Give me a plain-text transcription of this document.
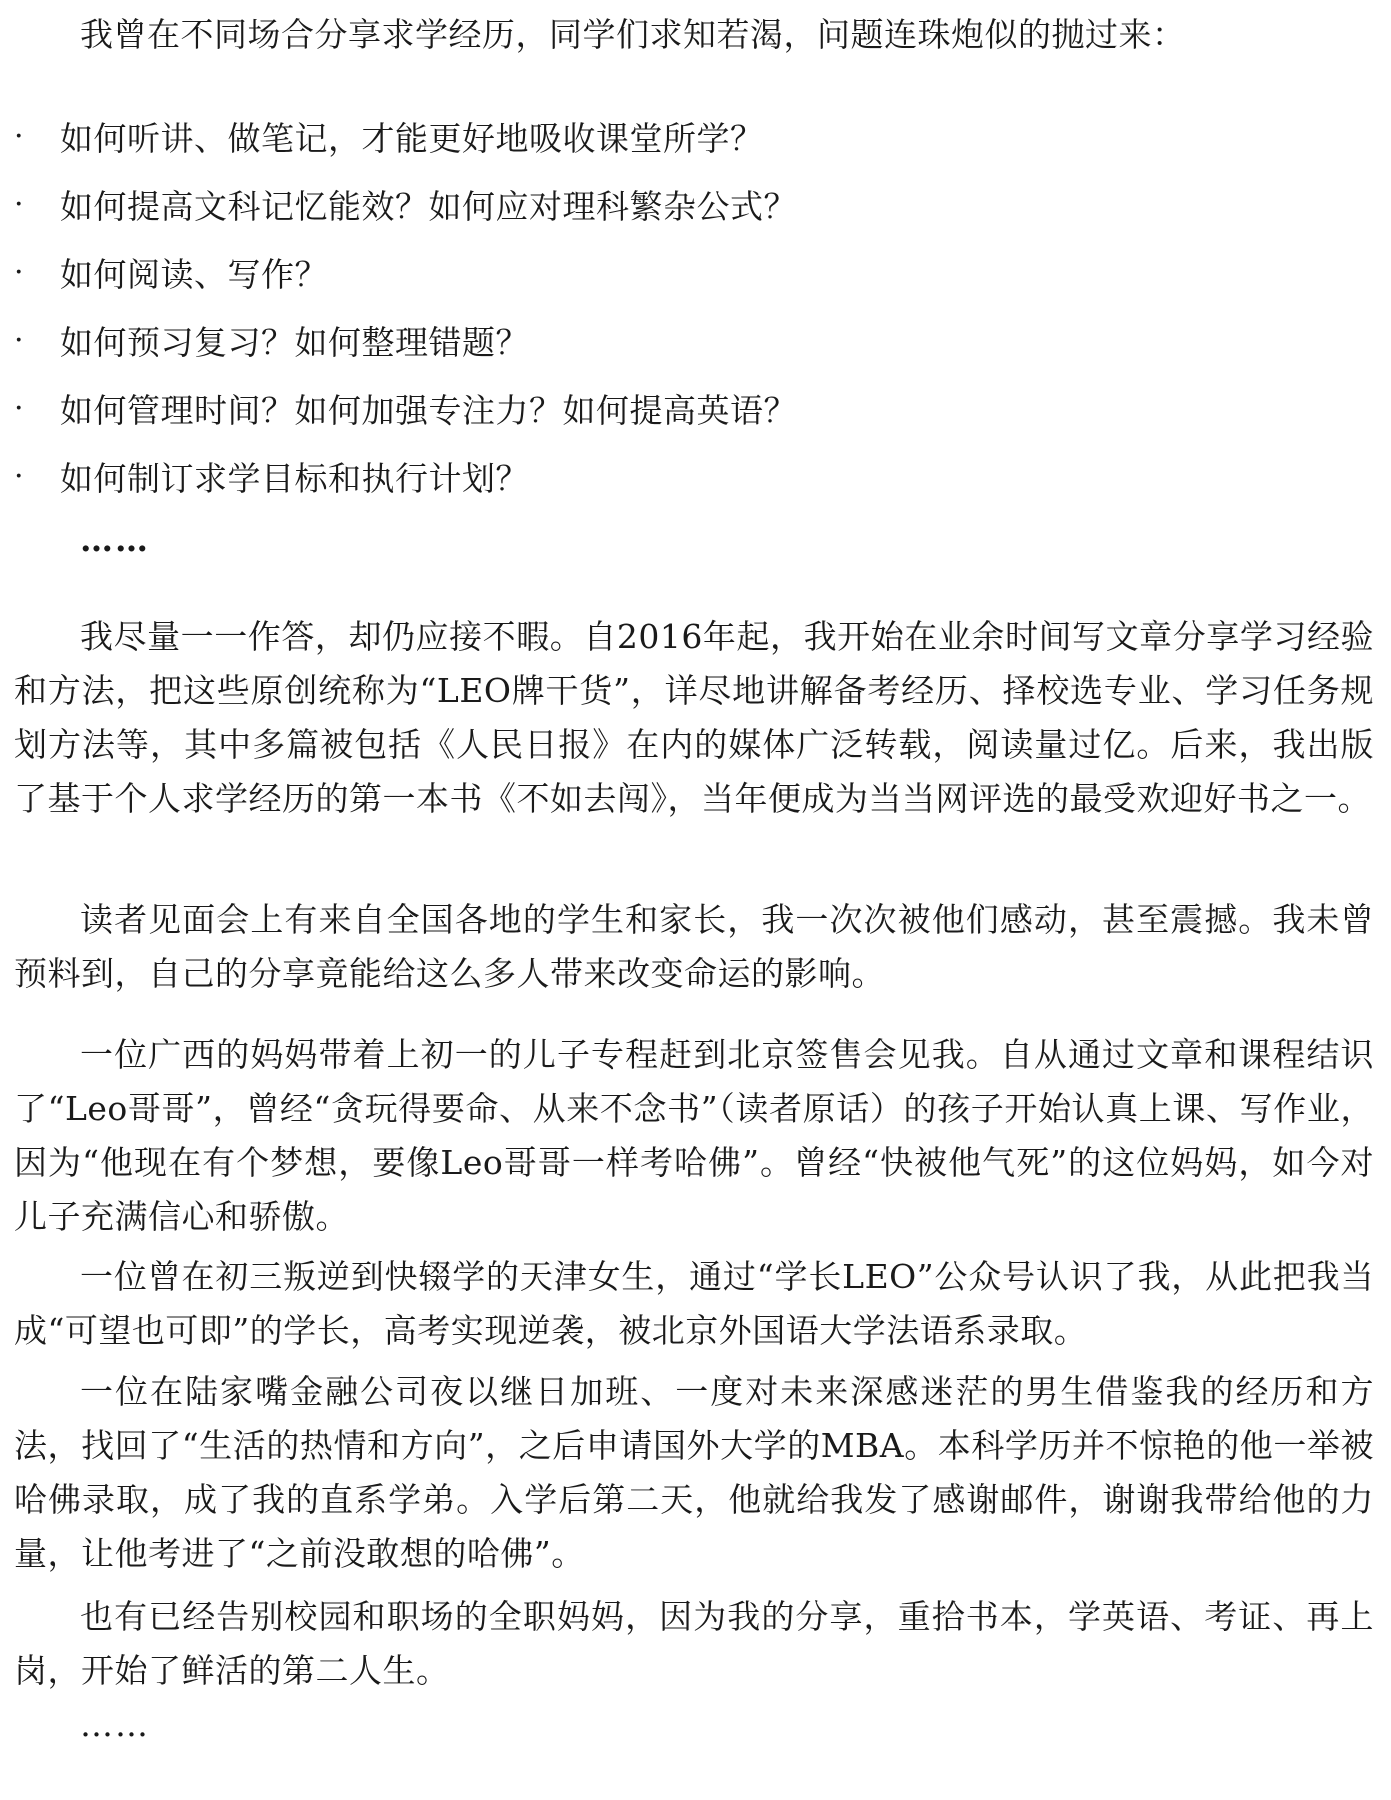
我曾在不同场合分享求学经历，同学们求知若渴，问题连珠炮似的抛过来：

·	如何听讲、做笔记，才能更好地吸收课堂所学？
·	如何提高文科记忆能效？如何应对理科繁杂公式？
·	如何阅读、写作？
·	如何预习复习？如何整理错题？
·	如何管理时间？如何加强专注力？如何提高英语？
·	如何制订求学目标和执行计划？

……

我尽量一一作答，却仍应接不暇。自2016年起，我开始在业余时间写文章分享学习经验和方法，把这些原创统称为“LEO牌干货”，详尽地讲解备考经历、择校选专业、学习任务规划方法等，其中多篇被包括《人民日报》在内的媒体广泛转载，阅读量过亿。后来，我出版了基于个人求学经历的第一本书《不如去闯》，当年便成为当当网评选的最受欢迎好书之一。

读者见面会上有来自全国各地的学生和家长，我一次次被他们感动，甚至震撼。我未曾预料到，自己的分享竟能给这么多人带来改变命运的影响。

一位广西的妈妈带着上初一的儿子专程赶到北京签售会见我。自从通过文章和课程结识了“Leo哥哥”，曾经“贪玩得要命、从来不念书”（读者原话）的孩子开始认真上课、写作业，因为“他现在有个梦想，要像Leo哥哥一样考哈佛”。曾经“快被他气死”的这位妈妈，如今对儿子充满信心和骄傲。

一位曾在初三叛逆到快辍学的天津女生，通过“学长LEO”公众号认识了我，从此把我当成“可望也可即”的学长，高考实现逆袭，被北京外国语大学法语系录取。

一位在陆家嘴金融公司夜以继日加班、一度对未来深感迷茫的男生借鉴我的经历和方法，找回了“生活的热情和方向”，之后申请国外大学的MBA。本科学历并不惊艳的他一举被哈佛录取，成了我的直系学弟。入学后第二天，他就给我发了感谢邮件，谢谢我带给他的力量，让他考进了“之前没敢想的哈佛”。

也有已经告别校园和职场的全职妈妈，因为我的分享，重拾书本，学英语、考证、再上岗，开始了鲜活的第二人生。

……
